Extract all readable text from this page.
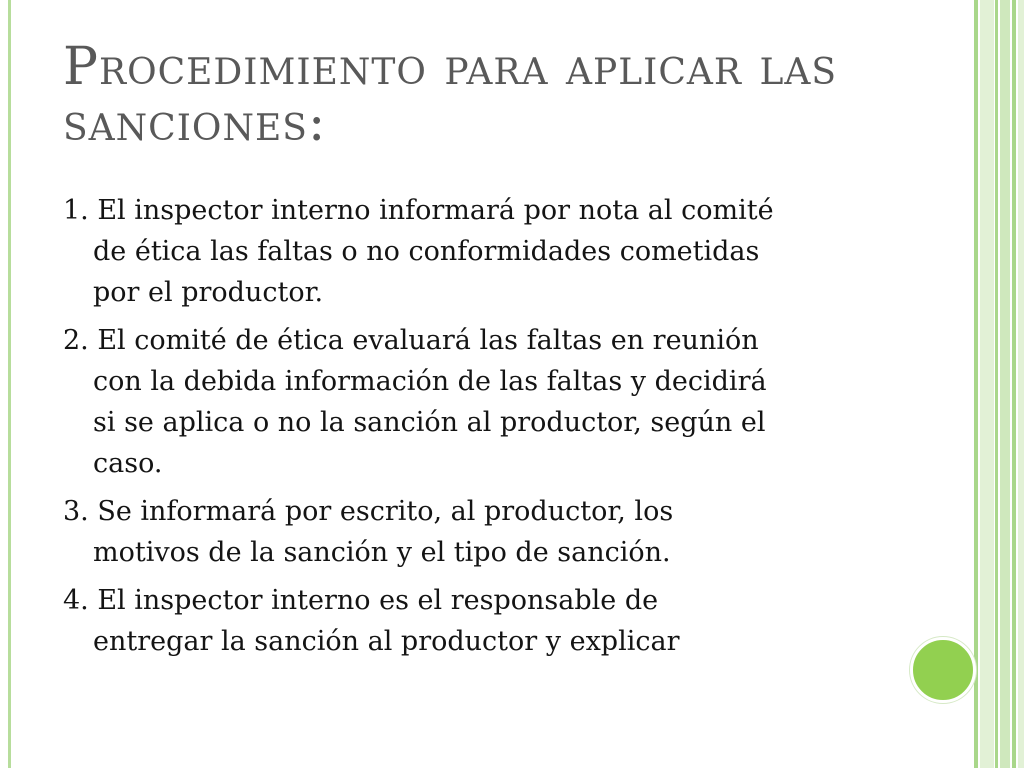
Procedimiento para aplicar las
sanciones:

1. El inspector interno informará por nota al comité
de ética las faltas o no conformidades cometidas
por el productor.

2. El comité de ética evaluará las faltas en reunión
con la debida información de las faltas y decidirá
si se aplica o no la sanción al productor, según el
caso.

3. Se informará por escrito, al productor, los
motivos de la sanción y el tipo de sanción.

4. El inspector interno es el responsable de
entregar la sanción al productor y explicar
